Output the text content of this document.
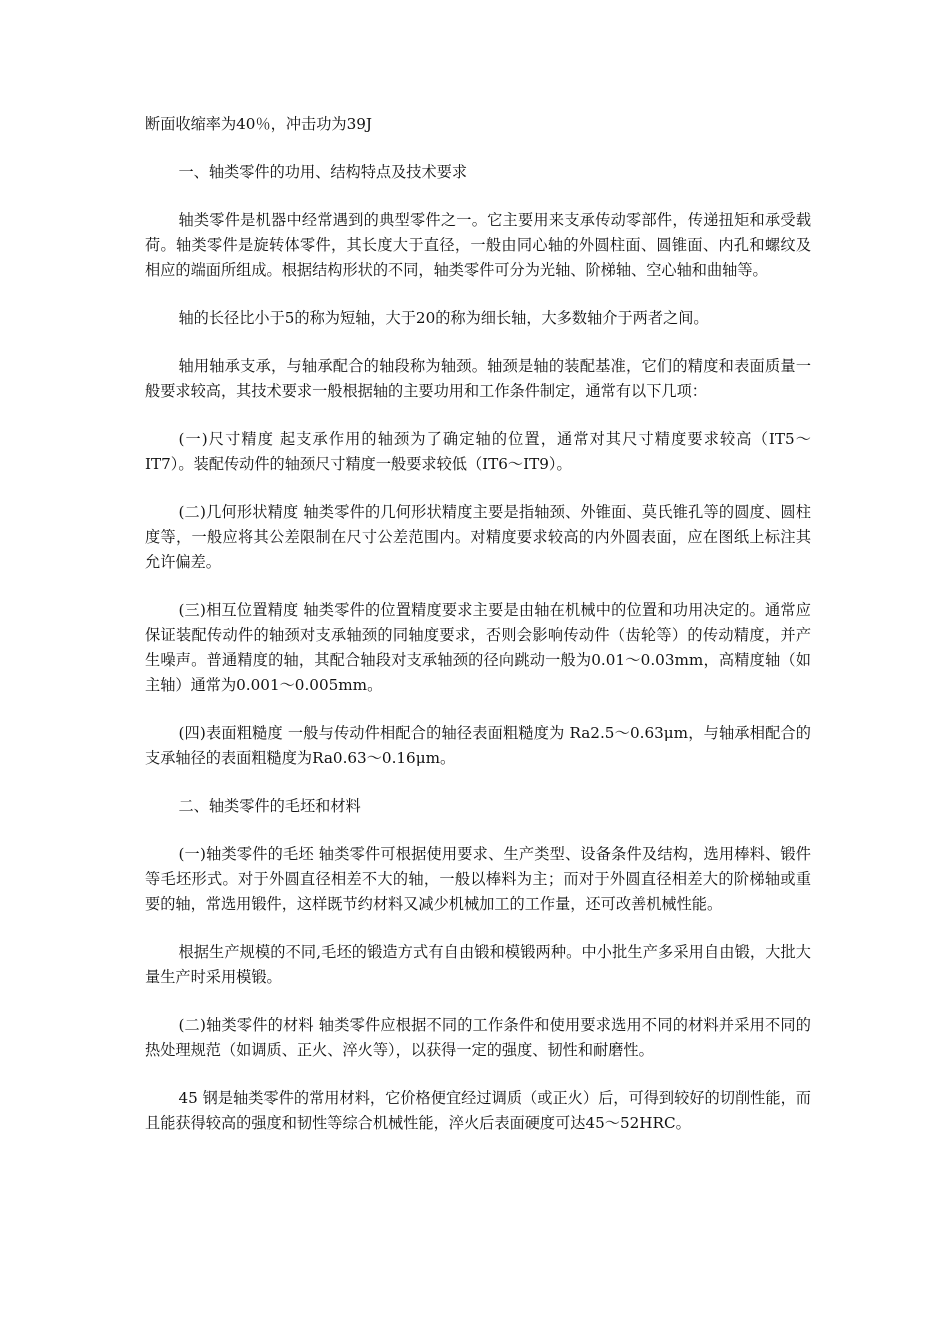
断面收缩率为40％，冲击功为39J

一、轴类零件的功用、结构特点及技术要求

轴类零件是机器中经常遇到的典型零件之一。它主要用来支承传动零部件，传递扭矩和承受载荷。轴类零件是旋转体零件，其长度大于直径，一般由同心轴的外圆柱面、圆锥面、内孔和螺纹及相应的端面所组成。根据结构形状的不同，轴类零件可分为光轴、阶梯轴、空心轴和曲轴等。

轴的长径比小于5的称为短轴，大于20的称为细长轴，大多数轴介于两者之间。

轴用轴承支承，与轴承配合的轴段称为轴颈。轴颈是轴的装配基准，它们的精度和表面质量一般要求较高，其技术要求一般根据轴的主要功用和工作条件制定，通常有以下几项：

(一)尺寸精度 起支承作用的轴颈为了确定轴的位置，通常对其尺寸精度要求较高（IT5～IT7）。装配传动件的轴颈尺寸精度一般要求较低（IT6～IT9）。

(二)几何形状精度 轴类零件的几何形状精度主要是指轴颈、外锥面、莫氏锥孔等的圆度、圆柱度等，一般应将其公差限制在尺寸公差范围内。对精度要求较高的内外圆表面，应在图纸上标注其允许偏差。

(三)相互位置精度 轴类零件的位置精度要求主要是由轴在机械中的位置和功用决定的。通常应保证装配传动件的轴颈对支承轴颈的同轴度要求，否则会影响传动件（齿轮等）的传动精度，并产生噪声。普通精度的轴，其配合轴段对支承轴颈的径向跳动一般为0.01～0.03mm，高精度轴（如主轴）通常为0.001～0.005mm。

(四)表面粗糙度 一般与传动件相配合的轴径表面粗糙度为 Ra2.5～0.63μm，与轴承相配合的支承轴径的表面粗糙度为Ra0.63～0.16μm。

二、轴类零件的毛坯和材料

(一)轴类零件的毛坯 轴类零件可根据使用要求、生产类型、设备条件及结构，选用棒料、锻件等毛坯形式。对于外圆直径相差不大的轴，一般以棒料为主；而对于外圆直径相差大的阶梯轴或重要的轴，常选用锻件，这样既节约材料又减少机械加工的工作量，还可改善机械性能。

根据生产规模的不同,毛坯的锻造方式有自由锻和模锻两种。中小批生产多采用自由锻，大批大量生产时采用模锻。

(二)轴类零件的材料 轴类零件应根据不同的工作条件和使用要求选用不同的材料并采用不同的热处理规范（如调质、正火、淬火等），以获得一定的强度、韧性和耐磨性。

45 钢是轴类零件的常用材料，它价格便宜经过调质（或正火）后，可得到较好的切削性能，而且能获得较高的强度和韧性等综合机械性能，淬火后表面硬度可达45～52HRC。
